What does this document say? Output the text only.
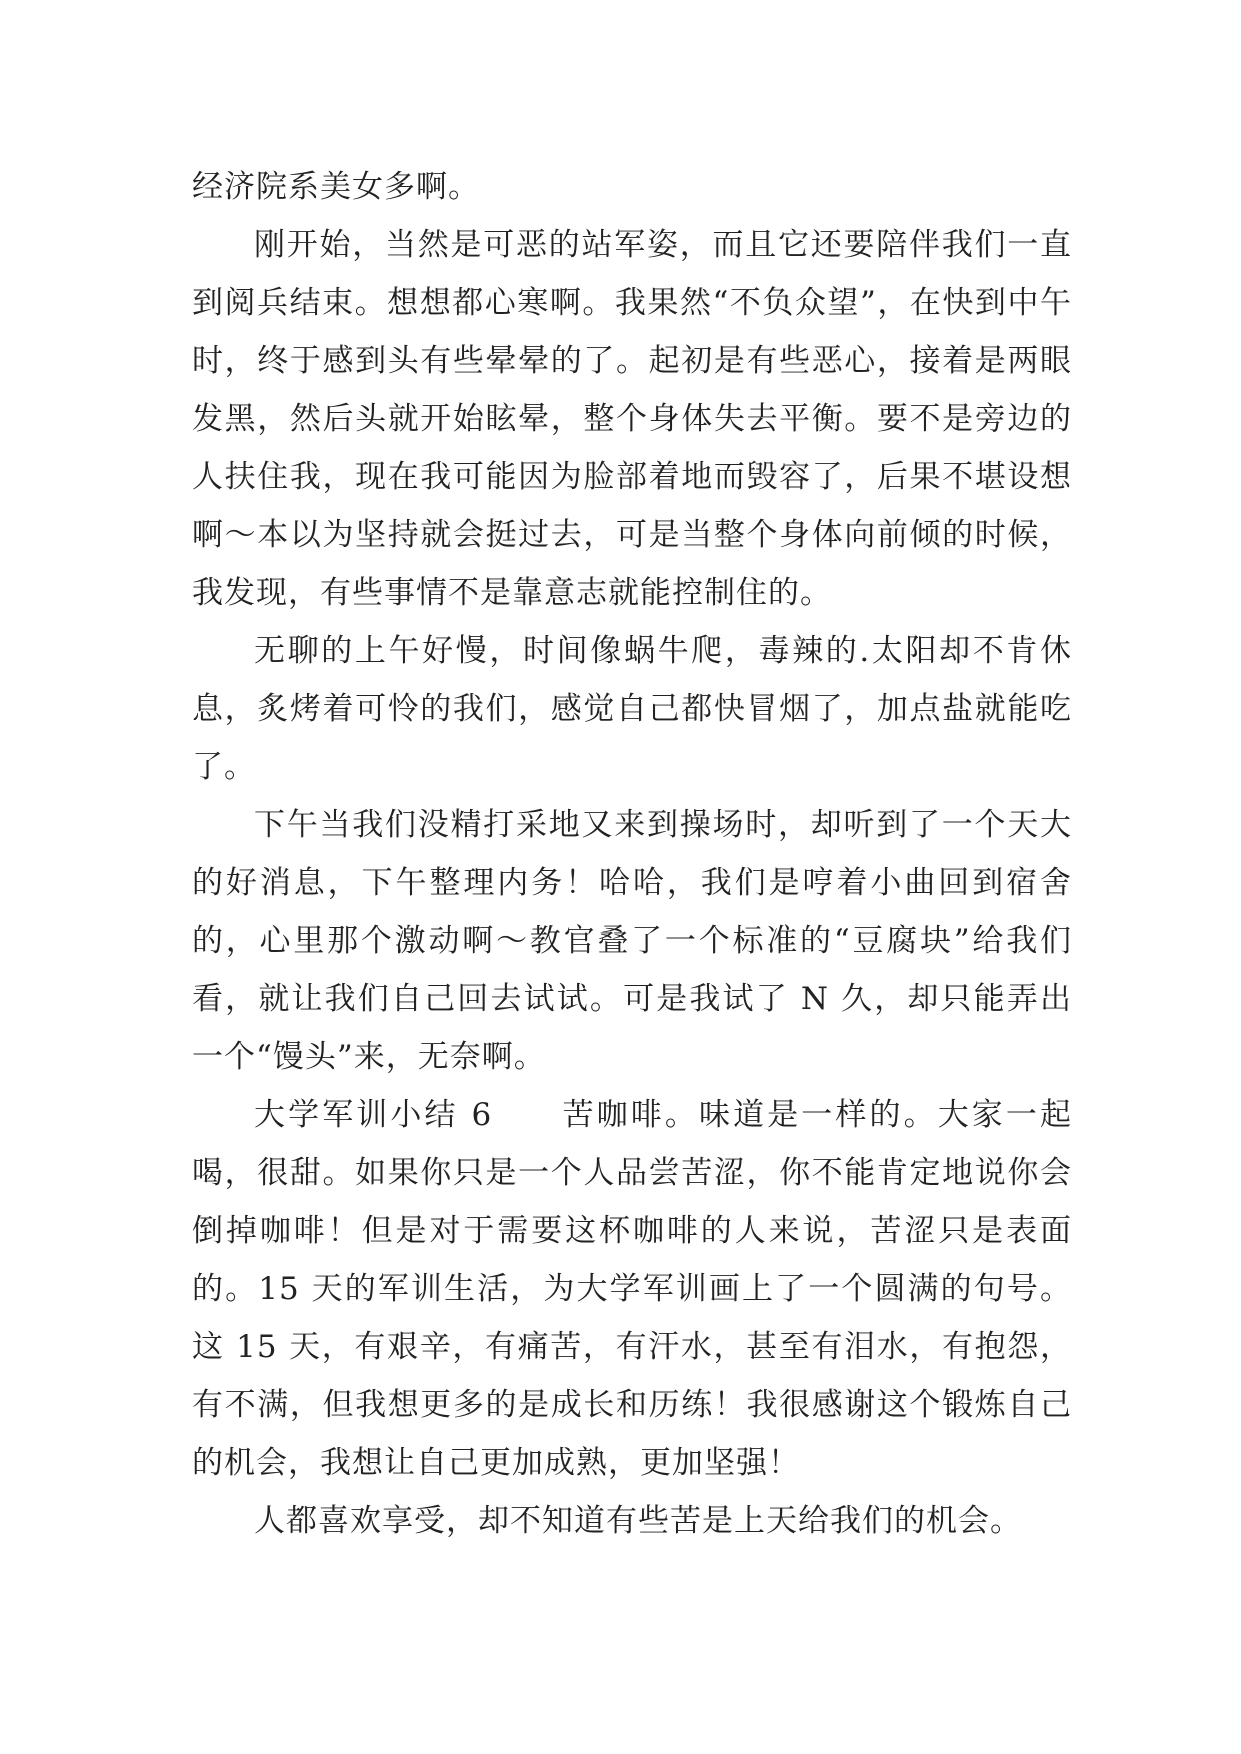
经济院系美女多啊。

刚开始，当然是可恶的站军姿，而且它还要陪伴我们一直到阅兵结束。想想都心寒啊。我果然“不负众望”，在快到中午时，终于感到头有些晕晕的了。起初是有些恶心，接着是两眼发黑，然后头就开始眩晕，整个身体失去平衡。要不是旁边的人扶住我，现在我可能因为脸部着地而毁容了，后果不堪设想啊～本以为坚持就会挺过去，可是当整个身体向前倾的时候，我发现，有些事情不是靠意志就能控制住的。

无聊的上午好慢，时间像蜗牛爬，毒辣的.太阳却不肯休息，炙烤着可怜的我们，感觉自己都快冒烟了，加点盐就能吃了。

下午当我们没精打采地又来到操场时，却听到了一个天大的好消息，下午整理内务！哈哈，我们是哼着小曲回到宿舍的，心里那个激动啊～教官叠了一个标准的“豆腐块”给我们看，就让我们自己回去试试。可是我试了 N 久，却只能弄出一个“馒头”来，无奈啊。

大学军训小结 6　　苦咖啡。味道是一样的。大家一起喝，很甜。如果你只是一个人品尝苦涩，你不能肯定地说你会倒掉咖啡！但是对于需要这杯咖啡的人来说，苦涩只是表面的。15 天的军训生活，为大学军训画上了一个圆满的句号。这 15 天，有艰辛，有痛苦，有汗水，甚至有泪水，有抱怨，有不满，但我想更多的是成长和历练！我很感谢这个锻炼自己的机会，我想让自己更加成熟，更加坚强！

人都喜欢享受，却不知道有些苦是上天给我们的机会。
